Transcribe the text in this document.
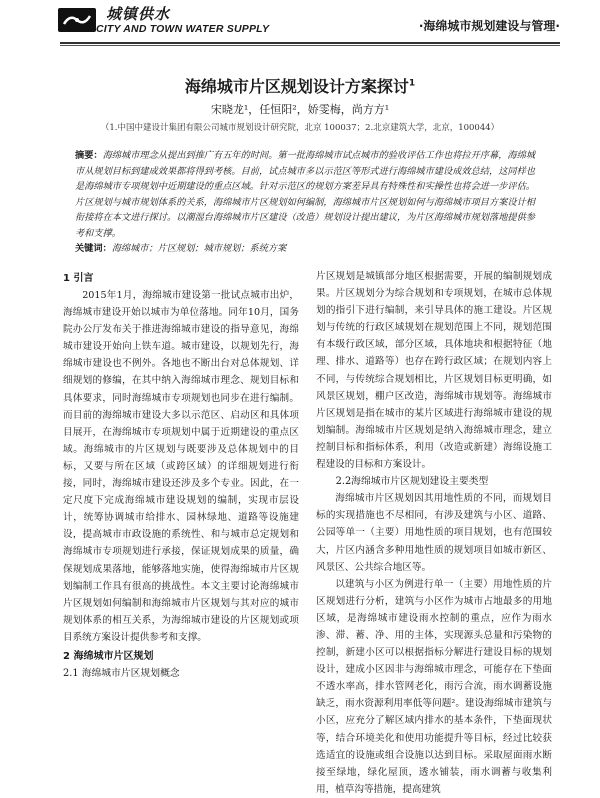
城镇供水
CITY AND TOWN WATER SUPPLY	·海绵城市规划建设与管理·
海绵城市片区规划设计方案探讨$^1$
宋晓龙¹，任恒阳²，娇雯梅，尚方方¹
（1.中国中建设计集团有限公司城市规划设计研究院，北京 100037；2.北京建筑大学，北京，100044）
摘要：海绵城市理念从提出到推广有五年的时间。第一批海绵城市试点城市的验收评估工作也将拉开序幕，海绵城市从规划目标到建成效果都将得到考核。目前，试点城市多以示范区等形式进行海绵城市建设成效总结，这同样也是海绵城市专项规划中近期建设的重点区域。针对示范区的规划方案差异具有特殊性和实操性也将会进一步评估。片区规划与城市规划体系的关系，海绵城市片区规划如何编制，海绵城市片区规划如何与海绵城市项目方案设计相衔接将在本文进行探讨。以潮湿台海绵城市片区建设（改造）规划设计提出建议，为片区海绵城市规划落地提供参考和支撑。
关键词：海绵城市；片区规划；城市规划；系统方案
1 引言

2015年1月，海绵城市建设第一批试点城市出炉，海绵城市建设开始以城市为单位落地。同年10月，国务院办公厅发布关于推进海绵城市建设的指导意见，海绵城市建设开始向上铁车道。城市建设，以规划先行，海绵城市建设也不例外。各地也不断出台对总体规划、详细规划的修编，在其中纳入海绵城市理念、规划目标和具体要求，同时海绵城市专项规划也同步在进行编制。而目前的海绵城市建设大多以示范区、启动区和具体项目展开，在海绵城市专项规划中属于近期建设的重点区域。海绵城市的片区规划与既要涉及总体规划中的目标，又要与所在区域（或跨区域）的详细规划进行衔接，同时，海绵城市建设还涉及多个专业。因此，在一定尺度下完成海绵城市建设规划的编制，实现市层设计，统筹协调城市给排水、园林绿地、道路等设施建设，提高城市市政设施的系统性、和与城市总定规划和海绵城市专项规划进行承接，保证规划成果的质量，确保规划成果落地，能够落地实施，使得海绵城市片区规划编制工作具有很高的挑战性。本文主要讨论海绵城市片区规划如何编制和海绵城市片区规划与其对应的城市规划体系的相互关系，为海绵城市建设的片区规划或项目系统方案设计提供参考和支撑。

2 海绵城市片区规划
2.1 海绵城市片区规划概念

片区规划是城镇部分地区根据需要，开展的编制规划成果。片区规划分为综合规划和专项规划，在城市总体规划的指引下进行编制，来引导具体的施工建设。片区规划与传统的行政区域规划在规划范围上不同，规划范围有本级行政区域，部分区域，具体地块和根据特征（地理、排水、道路等）也存在跨行政区域；在规划内容上不同，与传统综合规划相比，片区规划目标更明确，如风景区规划，棚户区改造，海绵城市规划等。海绵城市片区规划是指在城市的某片区域进行海绵城市建设的规划编制。海绵城市片区规划是纳入海绵城市理念，建立控制目标和指标体系，利用（改造或新建）海绵设施工程建设的目标和方案设计。

2.2海绵城市片区规划建设主要类型

海绵城市片区规划因其用地性质的不同，而规划目标的实现措施也不尽相同，有涉及建筑与小区、道路、公园等单一（主要）用地性质的项目规划，也有范围较大，片区内涵含多种用地性质的规划项目如城市新区、风景区、公共综合地区等。

以建筑与小区为例进行单一（主要）用地性质的片区规划进行分析，建筑与小区作为城市占地最多的用地区域，是海绵城市建设雨水控制的重点，应作为雨水渗、滞、蓄、净、用的主体，实现源头总量和污染物的控制，新建小区可以根据指标分解进行建设目标的规划设计，建成小区因非与海绵城市理念，可能存在下垫面不透水率高，排水管网老化，雨污合流，雨水调蓄设施缺乏，雨水资源利用率低等问题²。建设海绵城市建筑与小区，应充分了解区域内排水的基本条件，下垫面现状等，结合环境美化和使用功能提升等目标，经过比较获选适宜的设施或组合设施以达到目标。采取屋面雨水断接至绿地，绿化屋顶，透水铺装，雨水调蓄与收集利用，植草沟等措施，提高建筑
